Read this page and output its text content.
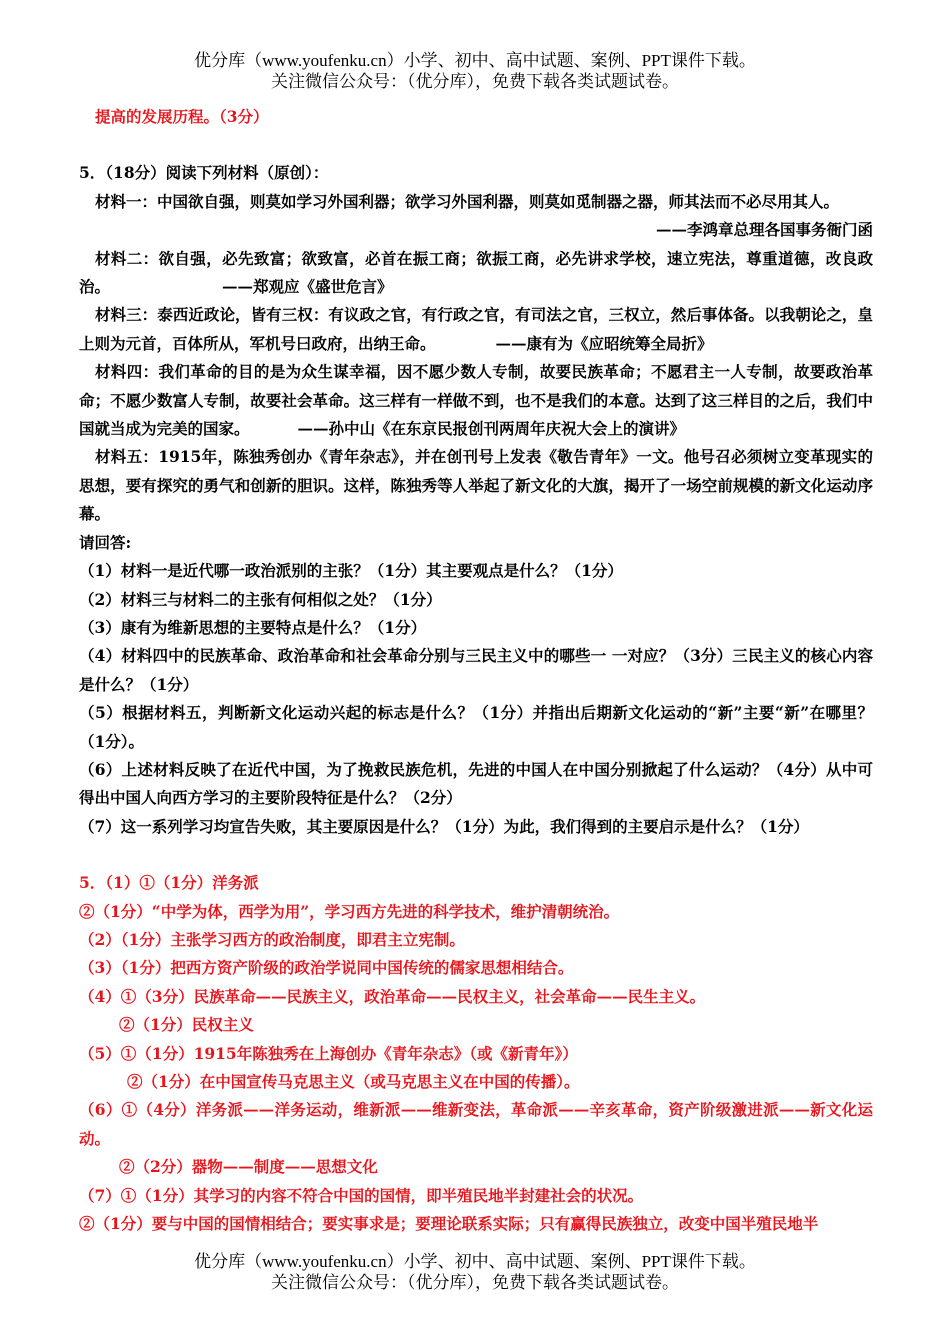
优分库（www.youfenku.cn）小学、初中、高中试题、案例、PPT课件下载。
关注微信公众号：（优分库），免费下载各类试题试卷。
提高的发展历程。（3分）
5．（18分）阅读下列材料（原创）：
材料一：中国欲自强，则莫如学习外国利器；欲学习外国利器，则莫如觅制器之器，师其法而不必尽用其人。
——李鸿章总理各国事务衙门函
材料二：欲自强，必先致富；欲致富，必首在振工商；欲振工商，必先讲求学校，速立宪法，尊重道德，改良政治。	——郑观应《盛世危言》
材料三：泰西近政论，皆有三权：有议政之官，有行政之官，有司法之官，三权立，然后事体备。以我朝论之，皇上则为元首，百体所从，军机号曰政府，出纳王命。	——康有为《应昭统筹全局折》
材料四：我们革命的目的是为众生谋幸福，因不愿少数人专制，故要民族革命；不愿君主一人专制，故要政治革命；不愿少数富人专制，故要社会革命。这三样有一样做不到，也不是我们的本意。达到了这三样目的之后，我们中国就当成为完美的国家。	——孙中山《在东京民报创刊两周年庆祝大会上的演讲》
材料五：1915年，陈独秀创办《青年杂志》，并在创刊号上发表《敬告青年》一文。他号召必须树立变革现实的思想，要有探究的勇气和创新的胆识。这样，陈独秀等人举起了新文化的大旗，揭开了一场空前规模的新文化运动序幕。
请回答:
（1）材料一是近代哪一政治派别的主张？（1分）其主要观点是什么？（1分）
（2）材料三与材料二的主张有何相似之处？（1分）
（3）康有为维新思想的主要特点是什么？（1分）
（4）材料四中的民族革命、政治革命和社会革命分别与三民主义中的哪些一 一对应？（3分）三民主义的核心内容是什么？（1分）
（5）根据材料五，判断新文化运动兴起的标志是什么？（1分）并指出后期新文化运动的“新”主要“新”在哪里？（1分）。
（6）上述材料反映了在近代中国，为了挽救民族危机，先进的中国人在中国分别掀起了什么运动？（4分）从中可得出中国人向西方学习的主要阶段特征是什么？（2分）
（7）这一系列学习均宣告失败，其主要原因是什么？（1分）为此，我们得到的主要启示是什么？（1分）
5．（1）①（1分）洋务派
②（1分）“中学为体，西学为用”，学习西方先进的科学技术，维护清朝统治。
（2）（1分）主张学习西方的政治制度，即君主立宪制。
（3）（1分）把西方资产阶级的政治学说同中国传统的儒家思想相结合。
（4）①（3分）民族革命——民族主义，政治革命——民权主义，社会革命——民生主义。
②（1分）民权主义
（5）①（1分）1915年陈独秀在上海创办《青年杂志》（或《新青年》）
②（1分）在中国宣传马克思主义（或马克思主义在中国的传播）。
（6）①（4分）洋务派——洋务运动，维新派——维新变法，革命派——辛亥革命，资产阶级激进派——新文化运动。
②（2分）器物——制度——思想文化
（7）①（1分）其学习的内容不符合中国的国情，即半殖民地半封建社会的状况。
②（1分）要与中国的国情相结合；要实事求是；要理论联系实际；只有赢得民族独立，改变中国半殖民地半
优分库（www.youfenku.cn）小学、初中、高中试题、案例、PPT课件下载。
关注微信公众号：（优分库），免费下载各类试题试卷。
